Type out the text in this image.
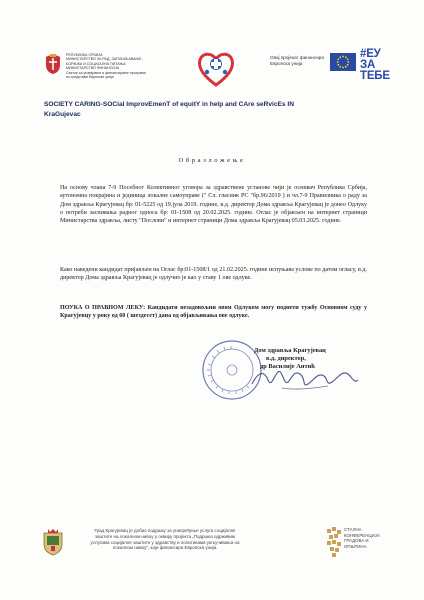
РЕПУБЛИКА СРБИЈА
МИНИСТАРСТВО ЗА РАД, ЗАПОШЉАВАЊЕ,
БОРАЧКА И СОЦИЈАЛНА ПИТАЊА
МИНИСТАРСТВО ФИНАНСИЈА
Сектор за уговарање и финансирање програма
из средстава Европске уније
Овај пројекат финансира
Европска унија
#ЕУ
ЗА ТЕБЕ
SOCIETY CARING-SOCial ImprovEmenT of equitY in help and CAre seRvicEs IN
KraGujevac
Образложење
На основу члана 7-9 Посебног Колективног уговора за здравствене установе чији је оснивач Република Србија, аутономна покрајина и јединица локалне самоуправе (" Сл. гласник РС "бр.96/2019 ) и чл.7-9 Правилника о раду за Дом здравља Крагујевац бр: 01-5225 од 19.јула 2019. године, в.д. директор Дома здравља Крагујевац је донео Одлуку о потреби заснивања радног односа бр: 01-1508 од 20.02.2025. године. Оглас је објављен на интернет страници Министарства здравља, листу "Послови" и интернет страници Дома здравља Крагујевац 05.03.2025. године.
Како наведени кандидат пријављен на Оглас бр:01-1508/1 од 21.02.2025. године испуњава услове по датом огласу, в.д. директор Дома здравља Крагујевац је одлучио је као у ставу 1 ове одлуке.
ПОУКА О ПРАВНОМ ЛЕКУ: Кандидати незадовољни овом Одлуком могу поднети тужбу Основном суду у Крагујевцу у року од 60 ( шездесет) дана од објављивања ове одлуке.
Дом здравља Крагујевац
в.д. директор,
др Василије Антић
Град Крагујевац је добио подршку за унапређење услуга социјалне
заштите на локалном нивоу у оквиру пројекта „Подршка одрживим
услугама социјалне заштите у здравству и политикама укључивања на
локалном нивоу", који финансира Европска унија.
СТАЛНА
КОНФЕРЕНЦИЈА
ГРАДОВА И
ОПШТИНА
